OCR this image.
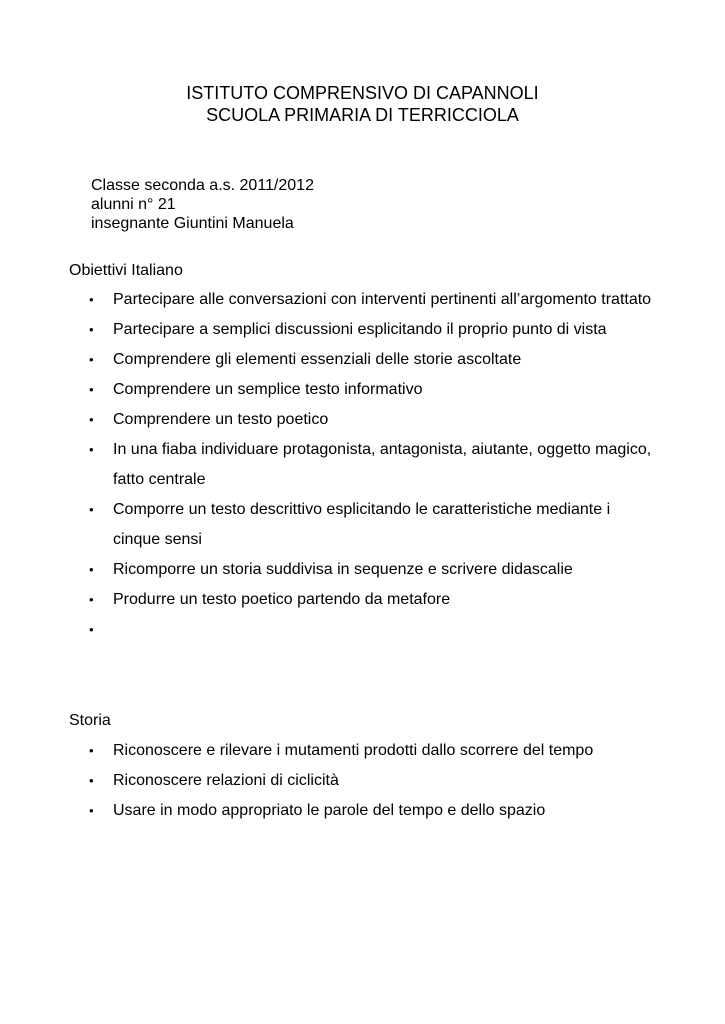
ISTITUTO COMPRENSIVO DI CAPANNOLI
SCUOLA PRIMARIA DI TERRICCIOLA
Classe seconda a.s. 2011/2012
alunni n° 21
insegnante Giuntini Manuela
Obiettivi Italiano
• Partecipare alle conversazioni con interventi pertinenti all’argomento trattato
• Partecipare a semplici discussioni esplicitando il proprio punto di vista
• Comprendere gli elementi essenziali delle storie ascoltate
• Comprendere un semplice testo informativo
• Comprendere un testo poetico
• In una fiaba individuare protagonista, antagonista, aiutante, oggetto magico, fatto centrale
• Comporre un testo descrittivo esplicitando le caratteristiche mediante i cinque sensi
• Ricomporre un storia suddivisa in sequenze e scrivere didascalie
• Produrre un testo poetico partendo da metafore
•

Storia
• Riconoscere e rilevare i mutamenti prodotti dallo scorrere del tempo
• Riconoscere relazioni di ciclicità
• Usare in modo appropriato le parole del tempo e dello spazio
